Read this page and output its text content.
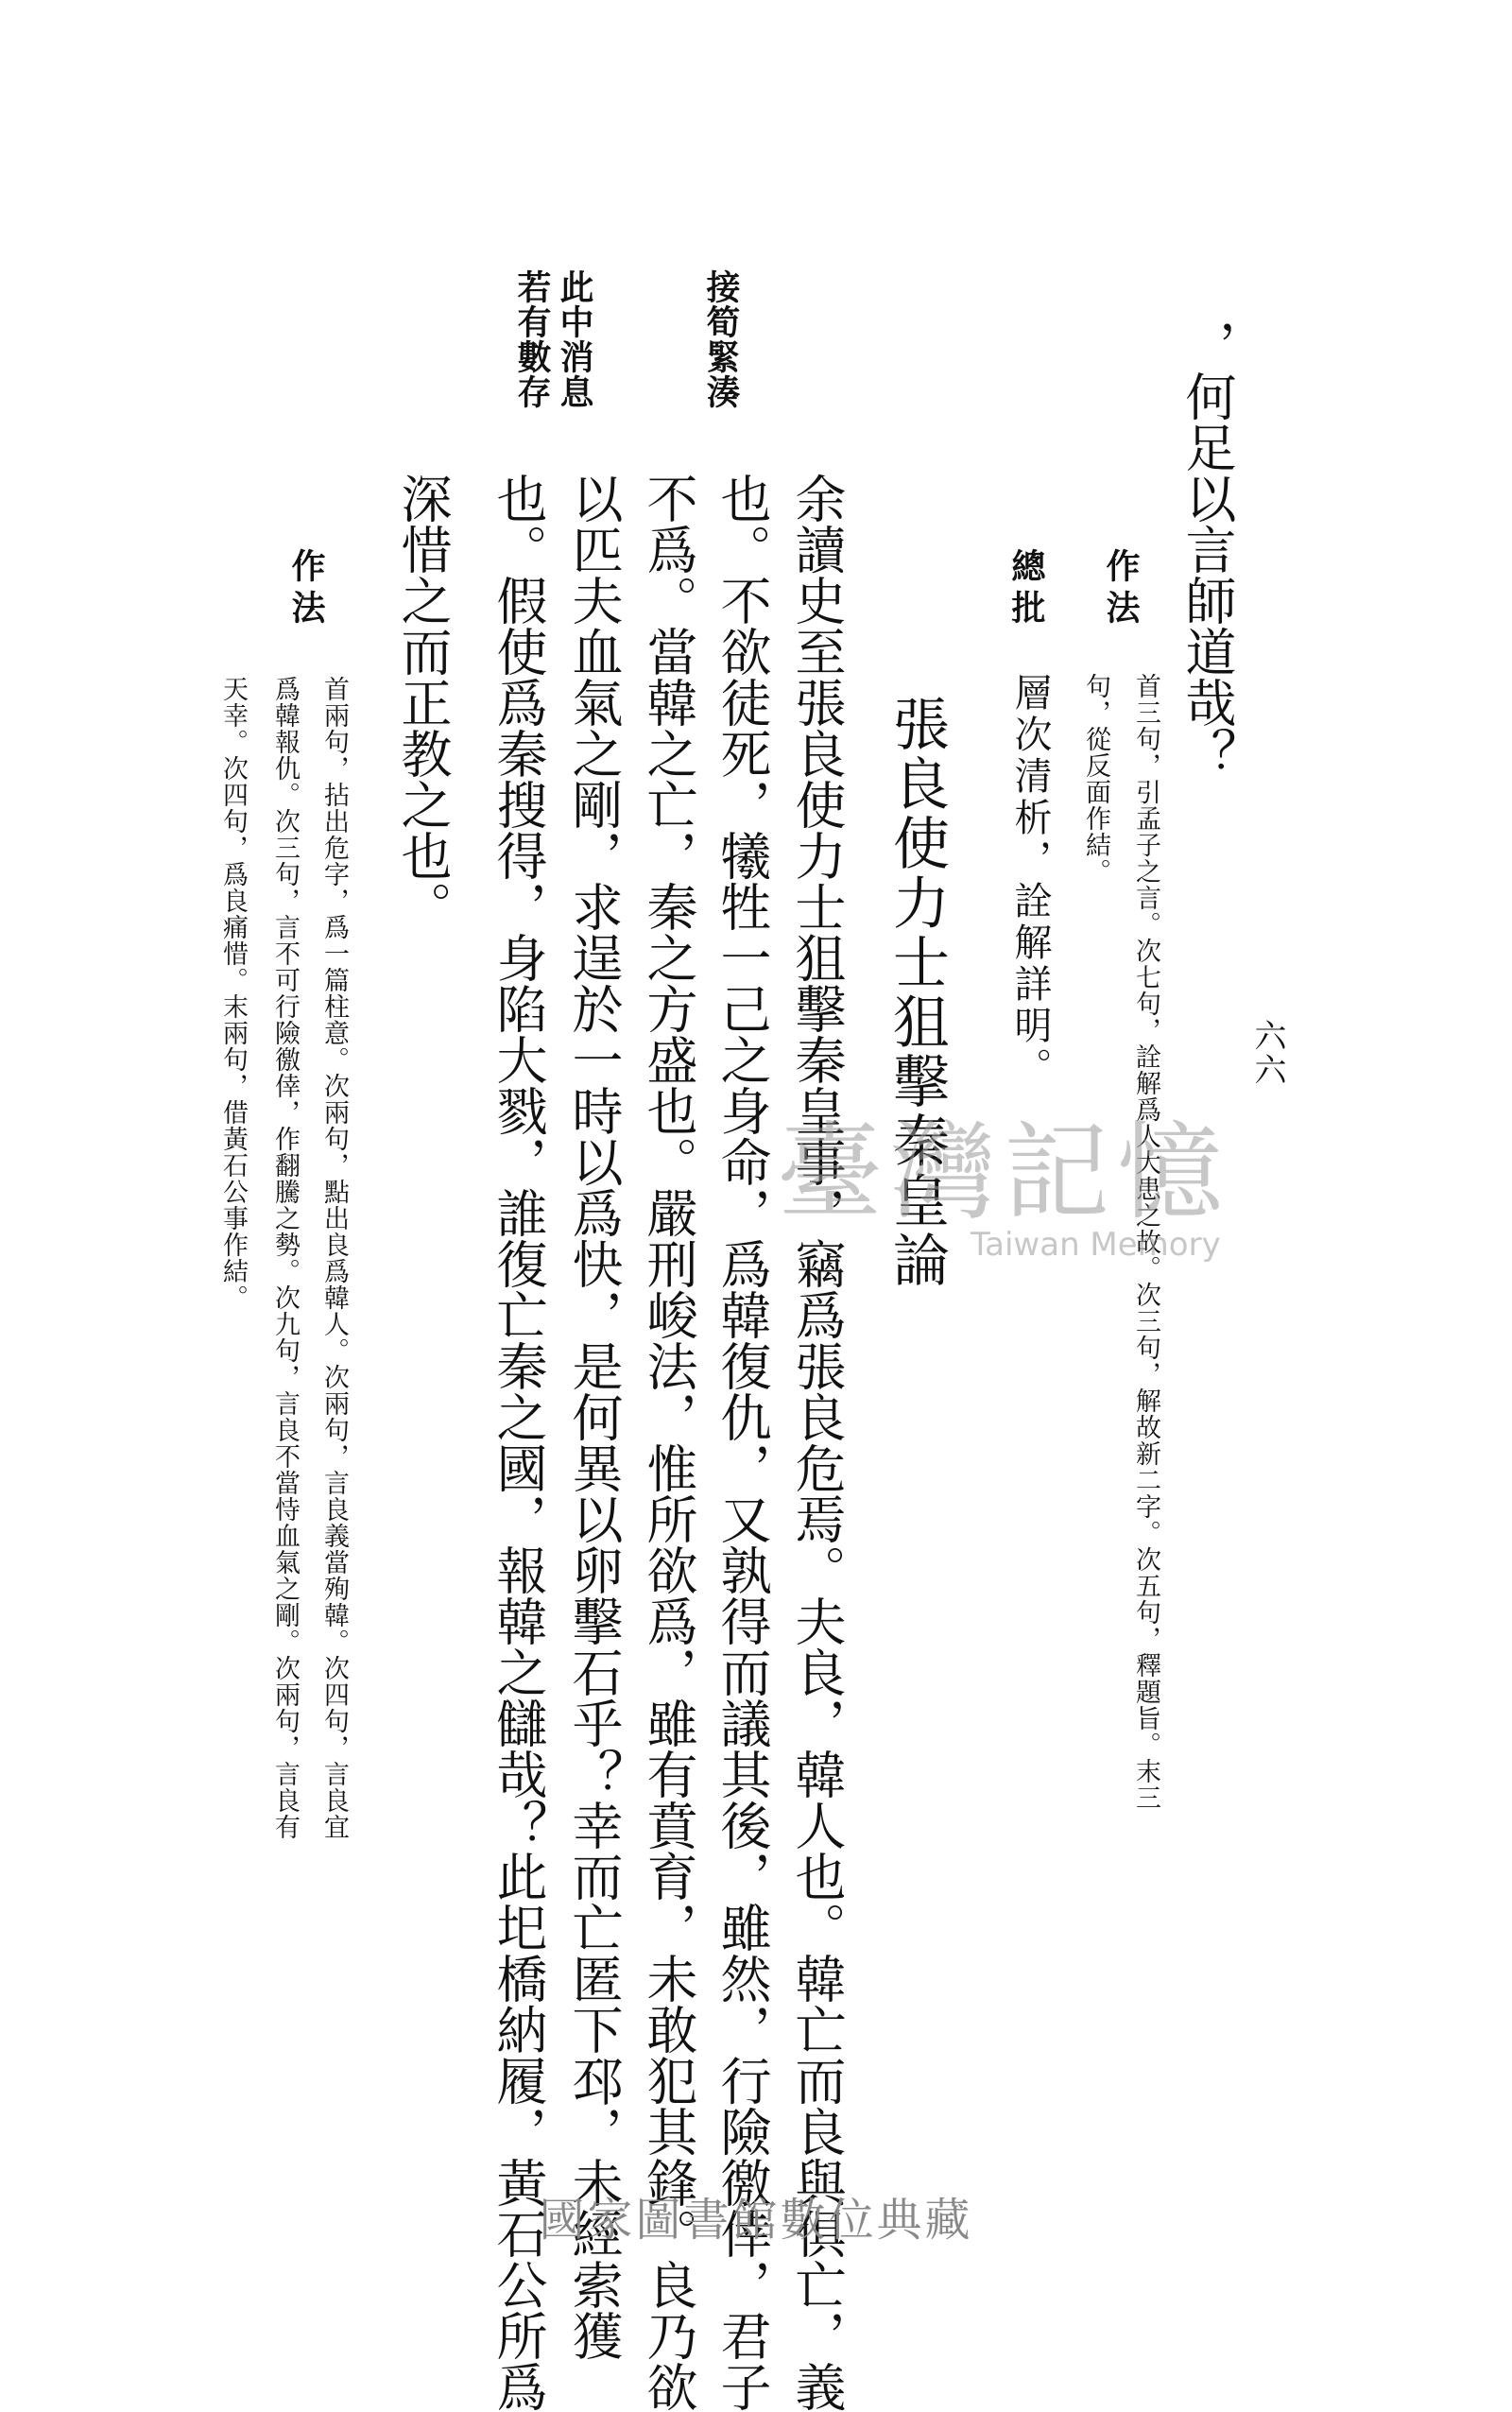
六六
，何足以言師道哉？
作法
首三句，引孟子之言。次七句，詮解爲人大患之故。次三句，解故新二字。次五句，釋題旨。末三
句，從反面作結。
總批
層次清析，詮解詳明。
張良使力士狙擊秦皇論
余讀史至張良使力士狙擊秦皇事，竊爲張良危焉。夫良，韓人也。韓亡而良與俱亡，義
也。不欲徒死，犧牲一己之身命，爲韓復仇，又孰得而議其後，雖然，行險徼倖，君子
不爲。當韓之亡，秦之方盛也。嚴刑峻法，惟所欲爲，雖有賁育，未敢犯其鋒。良乃欲
以匹夫血氣之剛，求逞於一時以爲快，是何異以卵擊石乎？幸而亡匿下邳，未經索獲
也。假使爲秦搜得，身陷大戮，誰復亡秦之國，報韓之讎哉？此圯橋納履，黃石公所爲
深惜之而正教之也。
接筍緊湊
此中消息
若有數存
作法
首兩句，拈出危字，爲一篇柱意。次兩句，點出良爲韓人。次兩句，言良義當殉韓。次四句，言良宜
爲韓報仇。次三句，言不可行險徼倖，作翻騰之勢。次九句，言良不當恃血氣之剛。次兩句，言良有
天幸。次四句，爲良痛惜。末兩句，借黃石公事作結。	臺灣記憶
Taiwan Memory
國家圖書館數位典藏
